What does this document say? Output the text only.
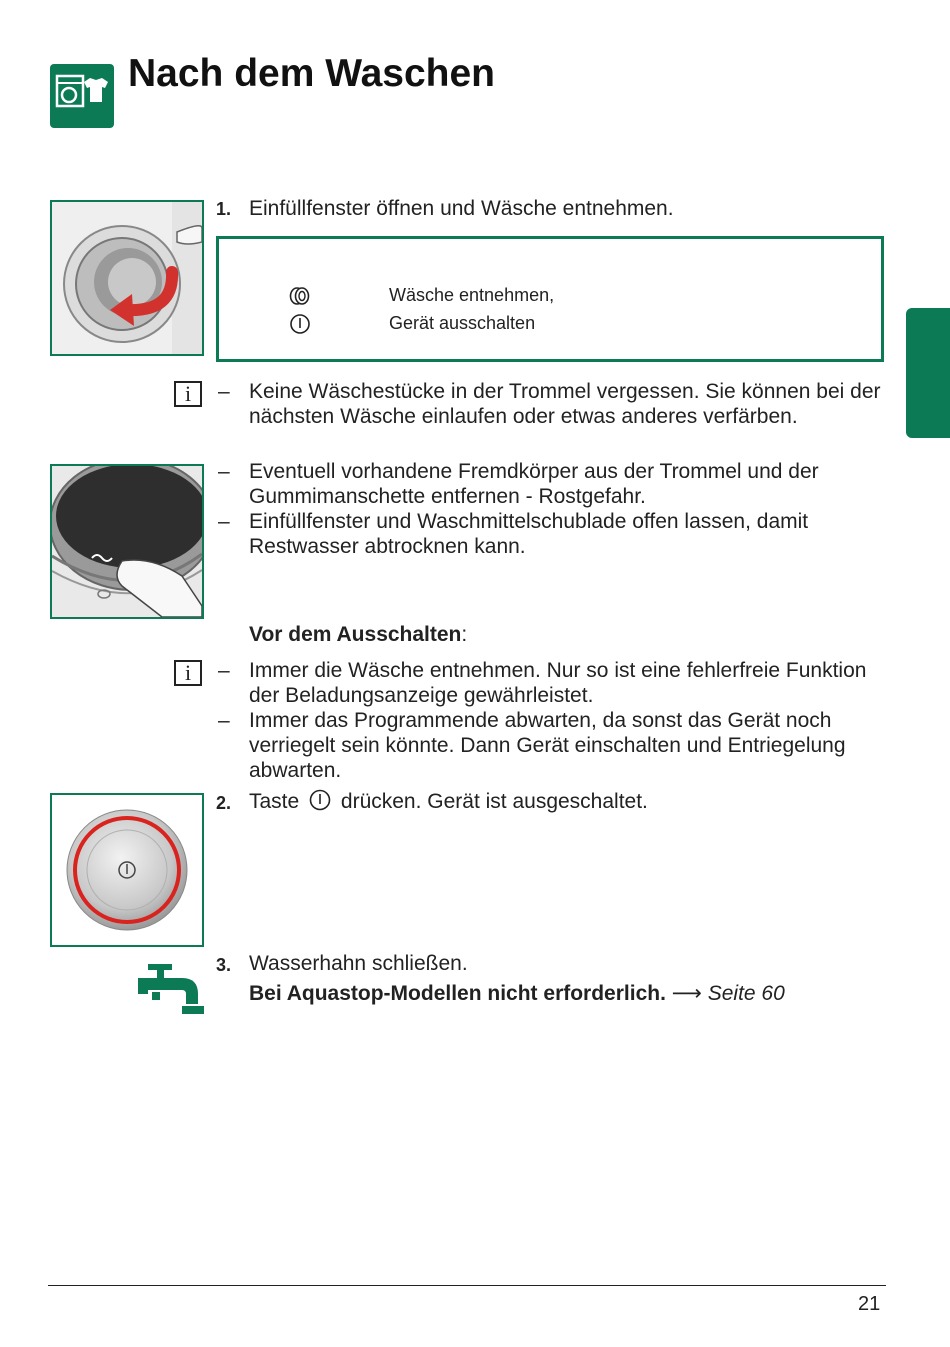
Nach dem Waschen
1. Einfüllfenster öffnen und Wäsche entnehmen.
Wäsche entnehmen,
Gerät ausschalten
i	– Keine Wäschestücke in der Trommel vergessen. Sie können bei der nächsten Wäsche einlaufen oder etwas anderes verfärben.
– Eventuell vorhandene Fremdkörper aus der Trommel und der Gummimanschette entfernen - Rostgefahr.
– Einfüllfenster und Waschmittelschublade offen lassen, damit Restwasser abtrocknen kann.
Vor dem Ausschalten:
i	– Immer die Wäsche entnehmen. Nur so ist eine fehlerfreie Funktion der Beladungsanzeige gewährleistet.
– Immer das Programmende abwarten, da sonst das Gerät noch verriegelt sein könnte. Dann Gerät einschalten und Entriegelung abwarten.
2. Taste drücken. Gerät ist ausgeschaltet.
3. Wasserhahn schließen.
Bei Aquastop-Modellen nicht erforderlich. ⟶ Seite 60
21
